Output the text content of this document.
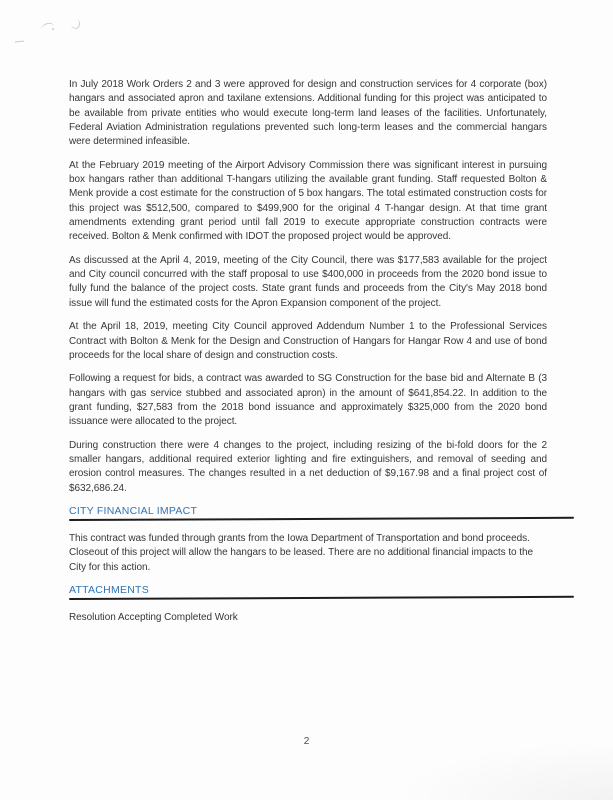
In July 2018 Work Orders 2 and 3 were approved for design and construction services for 4 corporate (box) hangars and associated apron and taxilane extensions. Additional funding for this project was anticipated to be available from private entities who would execute long-term land leases of the facilities. Unfortunately, Federal Aviation Administration regulations prevented such long-term leases and the commercial hangars were determined infeasible.

At the February 2019 meeting of the Airport Advisory Commission there was significant interest in pursuing box hangars rather than additional T-hangars utilizing the available grant funding. Staff requested Bolton & Menk provide a cost estimate for the construction of 5 box hangars. The total estimated construction costs for this project was $512,500, compared to $499,900 for the original 4 T-hangar design. At that time grant amendments extending grant period until fall 2019 to execute appropriate construction contracts were received. Bolton & Menk confirmed with IDOT the proposed project would be approved.

As discussed at the April 4, 2019, meeting of the City Council, there was $177,583 available for the project and City council concurred with the staff proposal to use $400,000 in proceeds from the 2020 bond issue to fully fund the balance of the project costs. State grant funds and proceeds from the City's May 2018 bond issue will fund the estimated costs for the Apron Expansion component of the project.

At the April 18, 2019, meeting City Council approved Addendum Number 1 to the Professional Services Contract with Bolton & Menk for the Design and Construction of Hangars for Hangar Row 4 and use of bond proceeds for the local share of design and construction costs.

Following a request for bids, a contract was awarded to SG Construction for the base bid and Alternate B (3 hangars with gas service stubbed and associated apron) in the amount of $641,854.22. In addition to the grant funding, $27,583 from the 2018 bond issuance and approximately $325,000 from the 2020 bond issuance were allocated to the project.

During construction there were 4 changes to the project, including resizing of the bi-fold doors for the 2 smaller hangars, additional required exterior lighting and fire extinguishers, and removal of seeding and erosion control measures. The changes resulted in a net deduction of $9,167.98 and a final project cost of $632,686.24.

CITY FINANCIAL IMPACT

This contract was funded through grants from the Iowa Department of Transportation and bond proceeds. Closeout of this project will allow the hangars to be leased. There are no additional financial impacts to the City for this action.

ATTACHMENTS

Resolution Accepting Completed Work

2
